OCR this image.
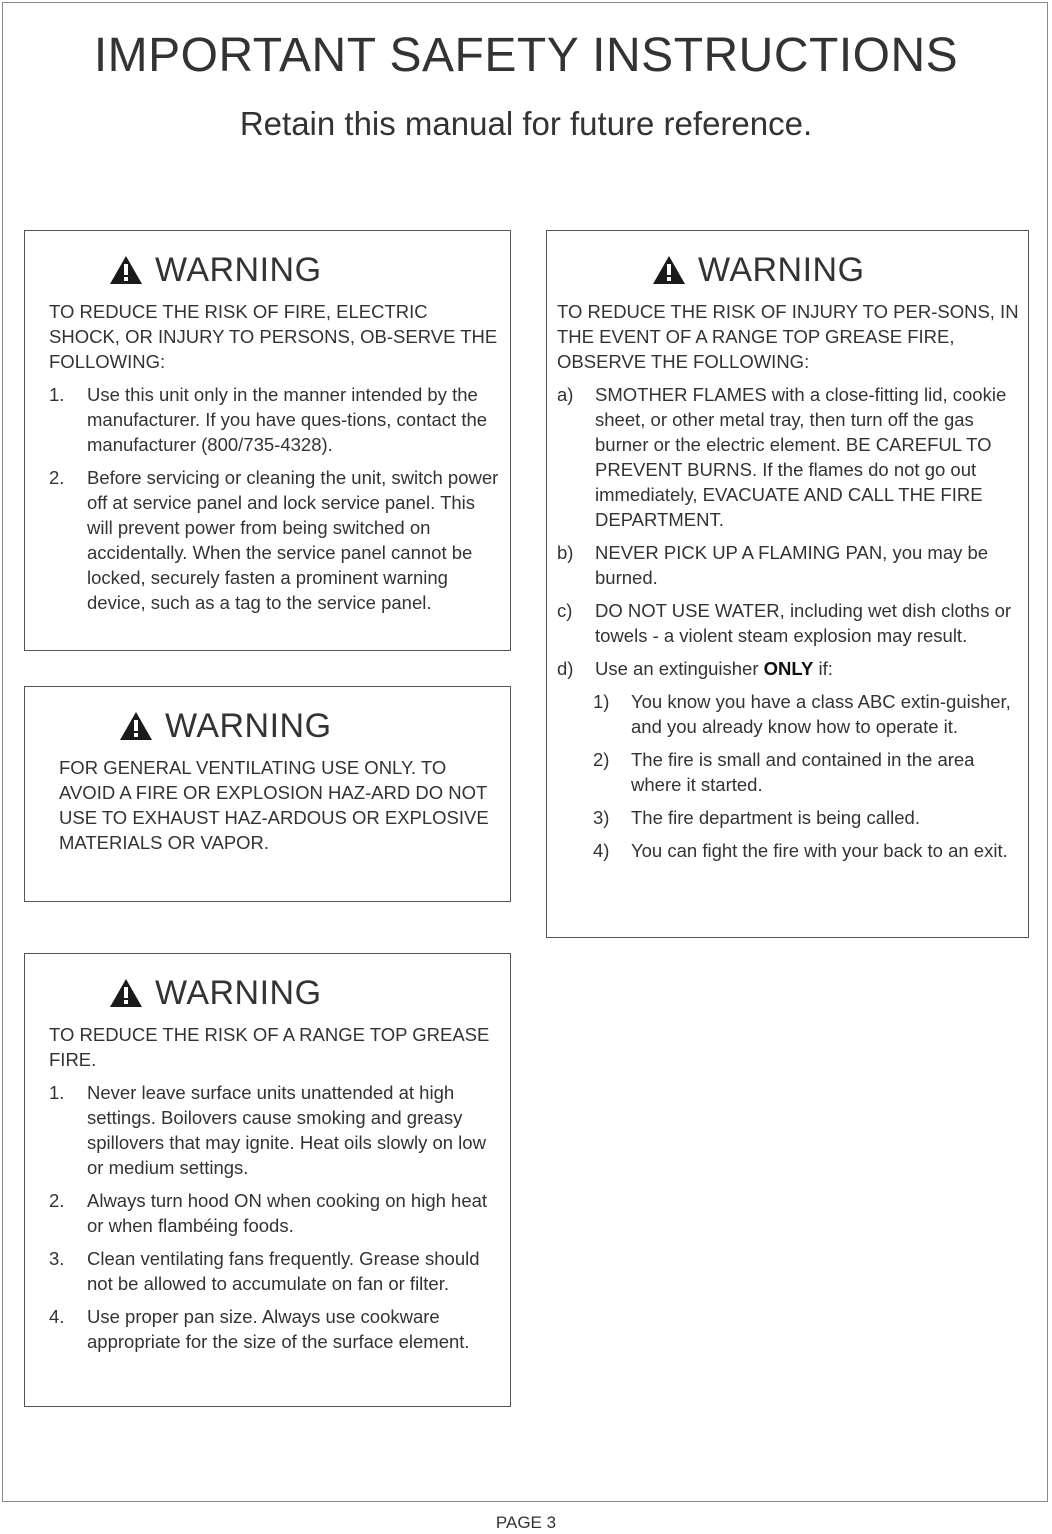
IMPORTANT SAFETY INSTRUCTIONS
Retain this manual for future reference.
WARNING
TO REDUCE THE RISK OF FIRE, ELECTRIC SHOCK, OR INJURY TO PERSONS, OB-SERVE THE FOLLOWING:
1.	Use this unit only in the manner intended by the manufacturer. If you have ques-tions, contact the manufacturer (800/735-4328).
2.	Before servicing or cleaning the unit, switch power off at service panel and lock service panel. This will prevent power from being switched on accidentally. When the service panel cannot be locked, securely fasten a prominent warning device, such as a tag to the service panel.
WARNING
FOR GENERAL VENTILATING USE ONLY. TO AVOID A FIRE OR EXPLOSION HAZ-ARD DO NOT USE TO EXHAUST HAZ-ARDOUS OR EXPLOSIVE MATERIALS OR VAPOR.
WARNING
TO REDUCE THE RISK OF A RANGE TOP GREASE FIRE.
1.	Never leave surface units unattended at high settings. Boilovers cause smoking and greasy spillovers that may ignite. Heat oils slowly on low or medium settings.
2.	Always turn hood ON when cooking on high heat or when flambéing foods.
3.	Clean ventilating fans frequently. Grease should not be allowed to accumulate on fan or filter.
4.	Use proper pan size. Always use cookware appropriate for the size of the surface element.
WARNING
TO REDUCE THE RISK OF INJURY TO PER-SONS, IN THE EVENT OF A RANGE TOP GREASE FIRE, OBSERVE THE FOLLOWING:
a)	SMOTHER FLAMES with a close-fitting lid, cookie sheet, or other metal tray, then turn off the gas burner or the electric element. BE CAREFUL TO PREVENT BURNS. If the flames do not go out immediately, EVACUATE AND CALL THE FIRE DEPARTMENT.
b)	NEVER PICK UP A FLAMING PAN, you may be burned.
c)	DO NOT USE WATER, including wet dish cloths or towels - a violent steam explosion may result.
d)	Use an extinguisher ONLY if:
1)	You know you have a class ABC extin-guisher, and you already know how to operate it.
2)	The fire is small and contained in the area where it started.
3)	The fire department is being called.
4)	You can fight the fire with your back to an exit.
PAGE 3
